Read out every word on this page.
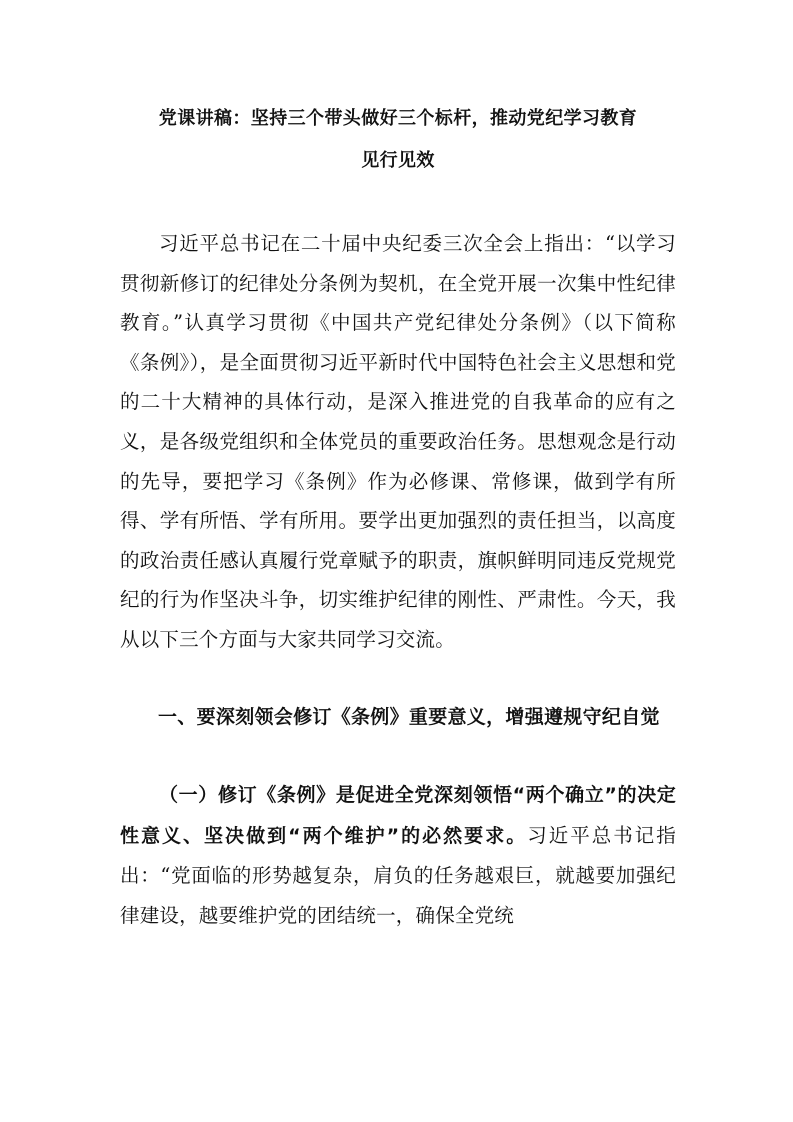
党课讲稿：坚持三个带头做好三个标杆，推动党纪学习教育
见行见效

习近平总书记在二十届中央纪委三次全会上指出：“以学习贯彻新修订的纪律处分条例为契机，在全党开展一次集中性纪律教育。”认真学习贯彻《中国共产党纪律处分条例》（以下简称《条例》），是全面贯彻习近平新时代中国特色社会主义思想和党的二十大精神的具体行动，是深入推进党的自我革命的应有之义，是各级党组织和全体党员的重要政治任务。思想观念是行动的先导，要把学习《条例》作为必修课、常修课，做到学有所得、学有所悟、学有所用。要学出更加强烈的责任担当，以高度的政治责任感认真履行党章赋予的职责，旗帜鲜明同违反党规党纪的行为作坚决斗争，切实维护纪律的刚性、严肃性。今天，我从以下三个方面与大家共同学习交流。

一、要深刻领会修订《条例》重要意义，增强遵规守纪自觉

（一）修订《条例》是促进全党深刻领悟“两个确立”的决定性意义、坚决做到“两个维护”的必然要求。习近平总书记指出：“党面临的形势越复杂，肩负的任务越艰巨，就越要加强纪律建设，越要维护党的团结统一，确保全党统
